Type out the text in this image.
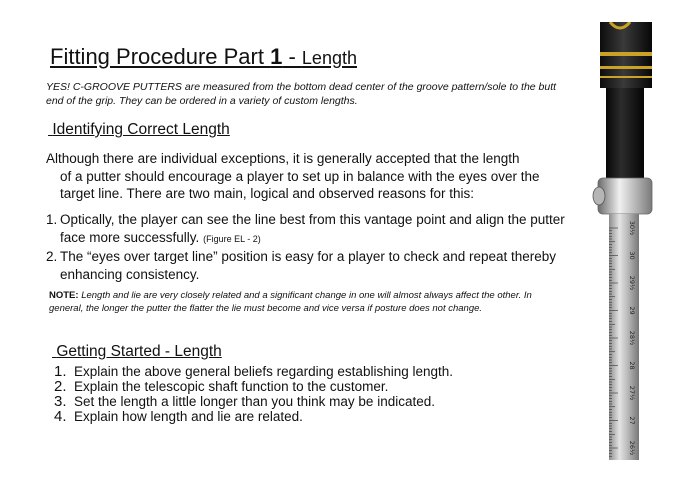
Fitting Procedure Part 1 - Length
YES! C-GROOVE PUTTERS are measured from the bottom dead center of the groove pattern/sole to the butt end of the grip. They can be ordered in a variety of custom lengths.
Identifying Correct Length
Although there are individual exceptions, it is generally accepted that the length
of a putter should encourage a player to set up in balance with the eyes over the target line. There are two main, logical and observed reasons for this:
1. Optically, the player can see the line best from this vantage point and align the putter face more successfully. (Figure EL - 2)
2. The “eyes over target line” position is easy for a player to check and repeat thereby enhancing consistency.
NOTE: Length and lie are very closely related and a significant change in one will almost always affect the other. In general, the longer the putter the flatter the lie must become and vice versa if posture does not change.
Getting Started - Length
1. Explain the above general beliefs regarding establishing length.
2. Explain the telescopic shaft function to the customer.
3. Set the length a little longer than you think may be indicated.
4. Explain how length and lie are related.
30½
30
29½
29
28½
28
27½
27
26½
